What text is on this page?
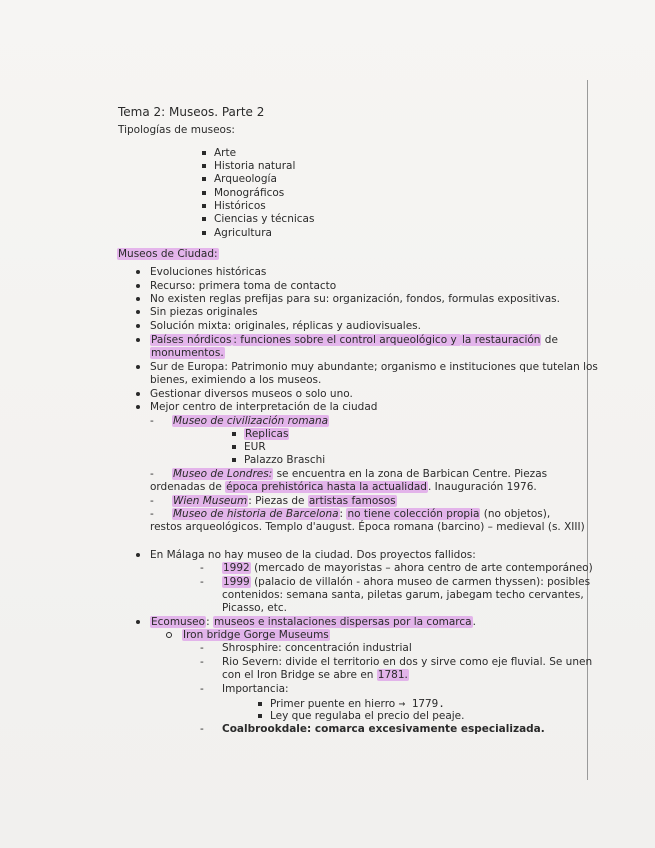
Tema 2: Museos. Parte 2
Tipologías de museos:
Arte
Historia natural
Arqueología
Monográficos
Históricos
Ciencias y técnicas
Agricultura
Museos de Ciudad:
Evoluciones históricas
Recurso: primera toma de contacto
No existen reglas prefijas para su: organización, fondos, formulas expositivas.
Sin piezas originales
Solución mixta: originales, réplicas y audiovisuales.
Países nórdicos : funciones sobre el control arqueológico y la restauración de
monumentos.
Sur de Europa: Patrimonio muy abundante; organismo e instituciones que tutelan los
bienes, eximiendo a los museos.
Gestionar diversos museos o solo uno.
Mejor centro de interpretación de la ciudad
- Museo de civilización romana
Replicas
EUR
Palazzo Braschi
- Museo de Londres: se encuentra en la zona de Barbican Centre. Piezas
ordenadas de época prehistórica hasta la actualidad. Inauguración 1976.
- Wien Museum: Piezas de artistas famosos
- Museo de historia de Barcelona: no tiene colección propia (no objetos),
restos arqueológicos. Templo d'august. Época romana (barcino) – medieval (s. XIII)
En Málaga no hay museo de la ciudad. Dos proyectos fallidos:
- 1992 (mercado de mayoristas – ahora centro de arte contemporáneo)
- 1999 (palacio de villalón - ahora museo de carmen thyssen): posibles
contenidos: semana santa, piletas garum, jabegam techo cervantes,
Picasso, etc.
Ecomuseo: museos e instalaciones dispersas por la comarca.
Iron bridge Gorge Museums
- Shrosphire: concentración industrial
- Rio Severn: divide el territorio en dos y sirve como eje fluvial. Se unen
con el Iron Bridge se abre en 1781.
- Importancia:
Primer puente en hierro → 1779.
Ley que regulaba el precio del peaje.
- Coalbrookdale: comarca excesivamente especializada.
